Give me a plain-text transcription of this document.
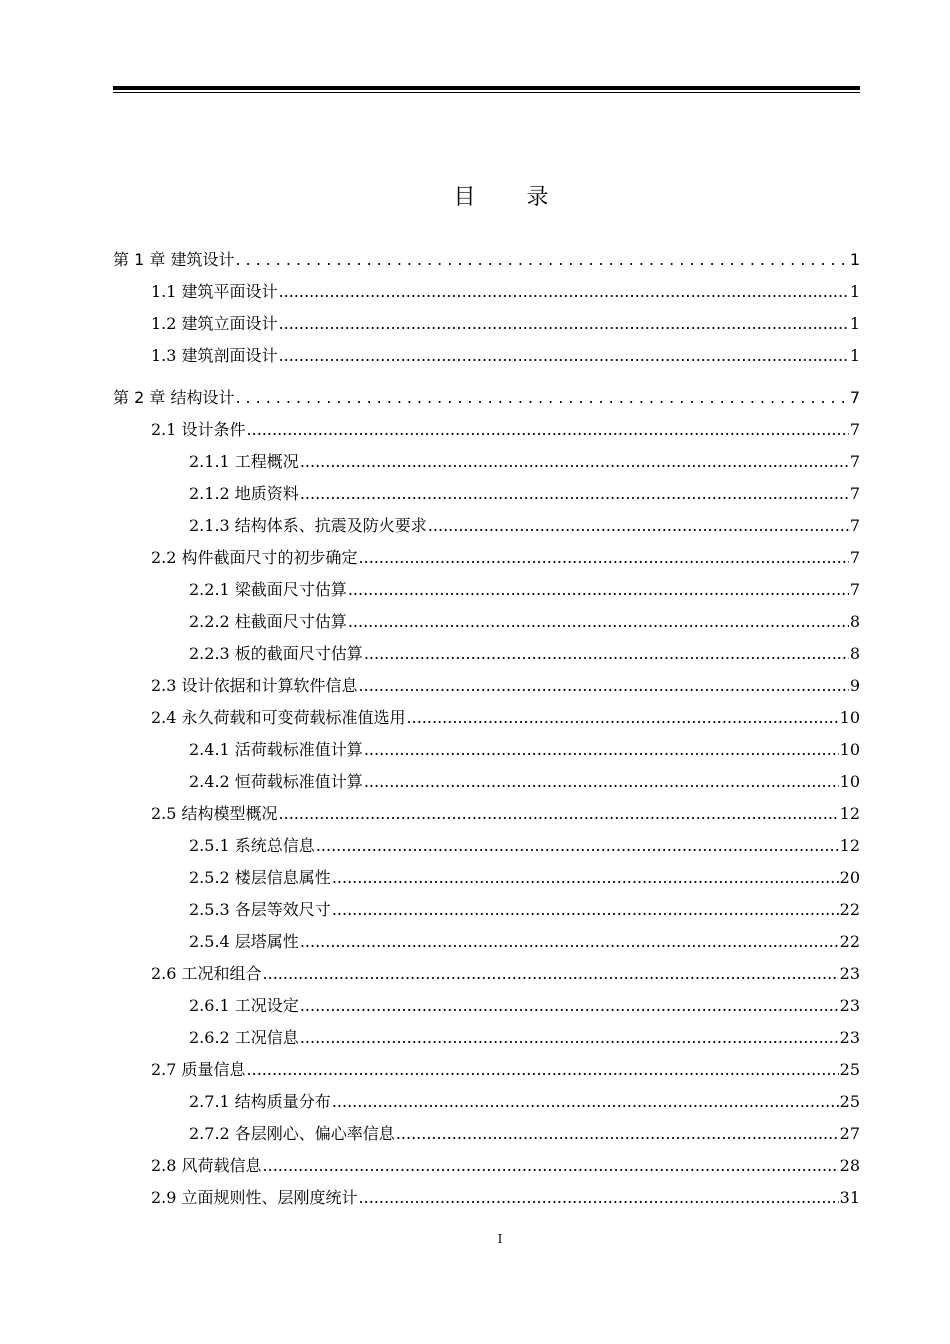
目 录
第 1 章 建筑设计 .....	1
1.1 建筑平面设计 .....	1
1.2 建筑立面设计 .....	1
1.3 建筑剖面设计 .....	1
第 2 章 结构设计 .....	7
2.1 设计条件 .....	7
2.1.1 工程概况 .....	7
2.1.2 地质资料 .....	7
2.1.3 结构体系、抗震及防火要求 .....	7
2.2 构件截面尺寸的初步确定 .....	7
2.2.1 梁截面尺寸估算 .....	7
2.2.2 柱截面尺寸估算 .....	8
2.2.3 板的截面尺寸估算 .....	8
2.3 设计依据和计算软件信息 .....	9
2.4 永久荷载和可变荷载标准值选用 .....	10
2.4.1 活荷载标准值计算 .....	10
2.4.2 恒荷载标准值计算 .....	10
2.5 结构模型概况 .....	12
2.5.1 系统总信息 .....	12
2.5.2 楼层信息属性 .....	20
2.5.3 各层等效尺寸 .....	22
2.5.4 层塔属性 .....	22
2.6 工况和组合 .....	23
2.6.1 工况设定 .....	23
2.6.2 工况信息 .....	23
2.7 质量信息 .....	25
2.7.1 结构质量分布 .....	25
2.7.2 各层刚心、偏心率信息 .....	27
2.8 风荷载信息 .....	28
2.9 立面规则性、层刚度统计 .....	31
I
